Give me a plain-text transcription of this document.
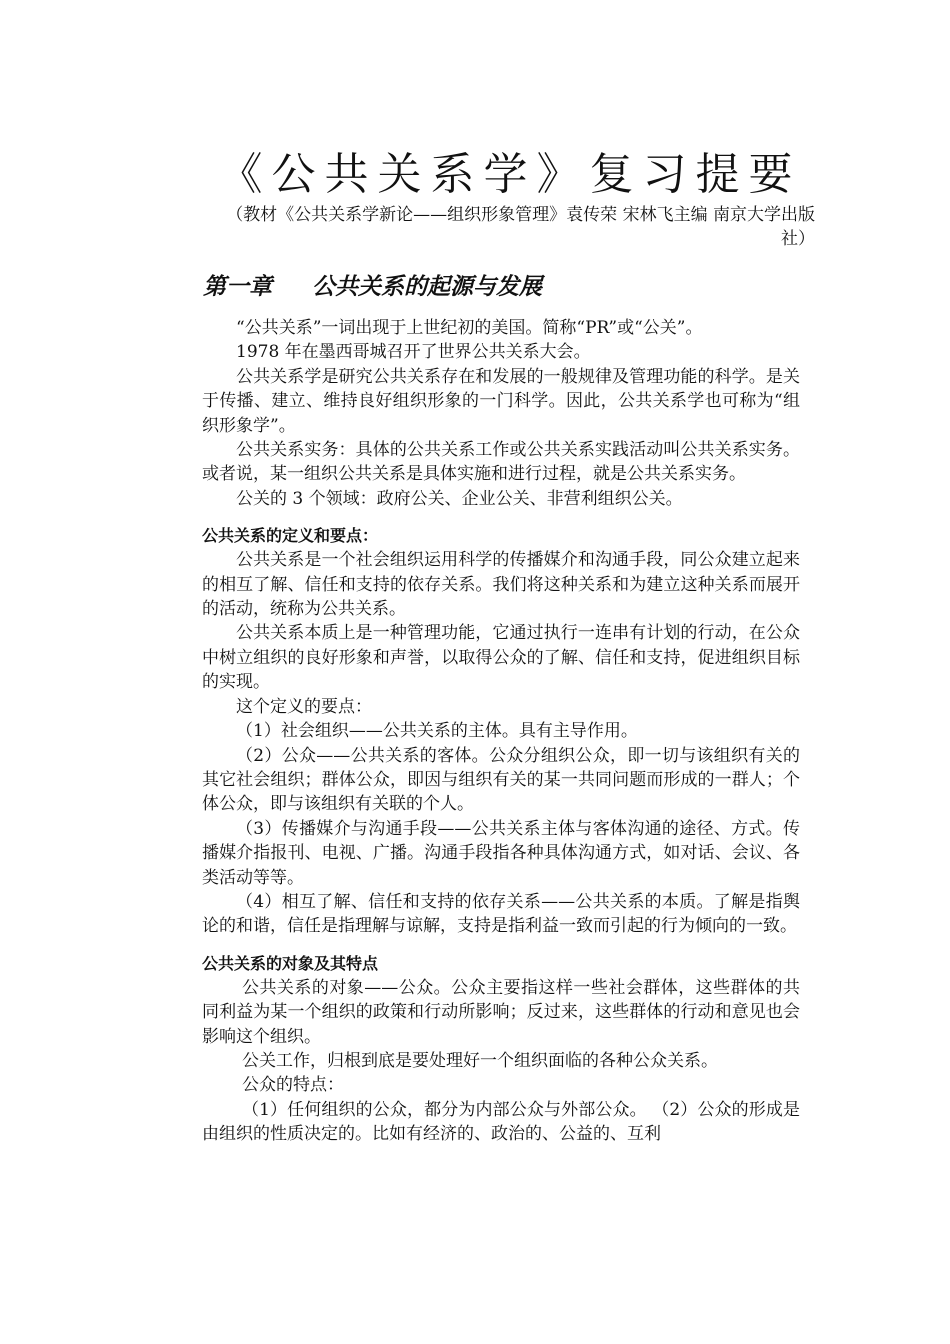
《公共关系学》复习提要
（教材《公共关系学新论——组织形象管理》袁传荣 宋林飞主编 南京大学出版社）
第一章 公共关系的起源与发展

“公共关系”一词出现于上世纪初的美国。简称“PR”或“公关”。

1978 年在墨西哥城召开了世界公共关系大会。

公共关系学是研究公共关系存在和发展的一般规律及管理功能的科学。是关于传播、建立、维持良好组织形象的一门科学。因此，公共关系学也可称为“组织形象学”。

公共关系实务：具体的公共关系工作或公共关系实践活动叫公共关系实务。或者说，某一组织公共关系是具体实施和进行过程，就是公共关系实务。

公关的 3 个领域：政府公关、企业公关、非营利组织公关。

公共关系的定义和要点：

公共关系是一个社会组织运用科学的传播媒介和沟通手段，同公众建立起来的相互了解、信任和支持的依存关系。我们将这种关系和为建立这种关系而展开的活动，统称为公共关系。

公共关系本质上是一种管理功能，它通过执行一连串有计划的行动，在公众中树立组织的良好形象和声誉，以取得公众的了解、信任和支持，促进组织目标的实现。

这个定义的要点：

（1）社会组织——公共关系的主体。具有主导作用。

（2）公众——公共关系的客体。公众分组织公众，即一切与该组织有关的其它社会组织；群体公众，即因与组织有关的某一共同问题而形成的一群人；个体公众，即与该组织有关联的个人。

（3）传播媒介与沟通手段——公共关系主体与客体沟通的途径、方式。传播媒介指报刊、电视、广播。沟通手段指各种具体沟通方式，如对话、会议、各类活动等等。

（4）相互了解、信任和支持的依存关系——公共关系的本质。了解是指舆论的和谐，信任是指理解与谅解，支持是指利益一致而引起的行为倾向的一致。

公共关系的对象及其特点

公共关系的对象——公众。公众主要指这样一些社会群体，这些群体的共同利益为某一个组织的政策和行动所影响；反过来，这些群体的行动和意见也会影响这个组织。

公关工作，归根到底是要处理好一个组织面临的各种公众关系。

公众的特点：

（1）任何组织的公众，都分为内部公众与外部公众。 （2）公众的形成是由组织的性质决定的。比如有经济的、政治的、公益的、互利
